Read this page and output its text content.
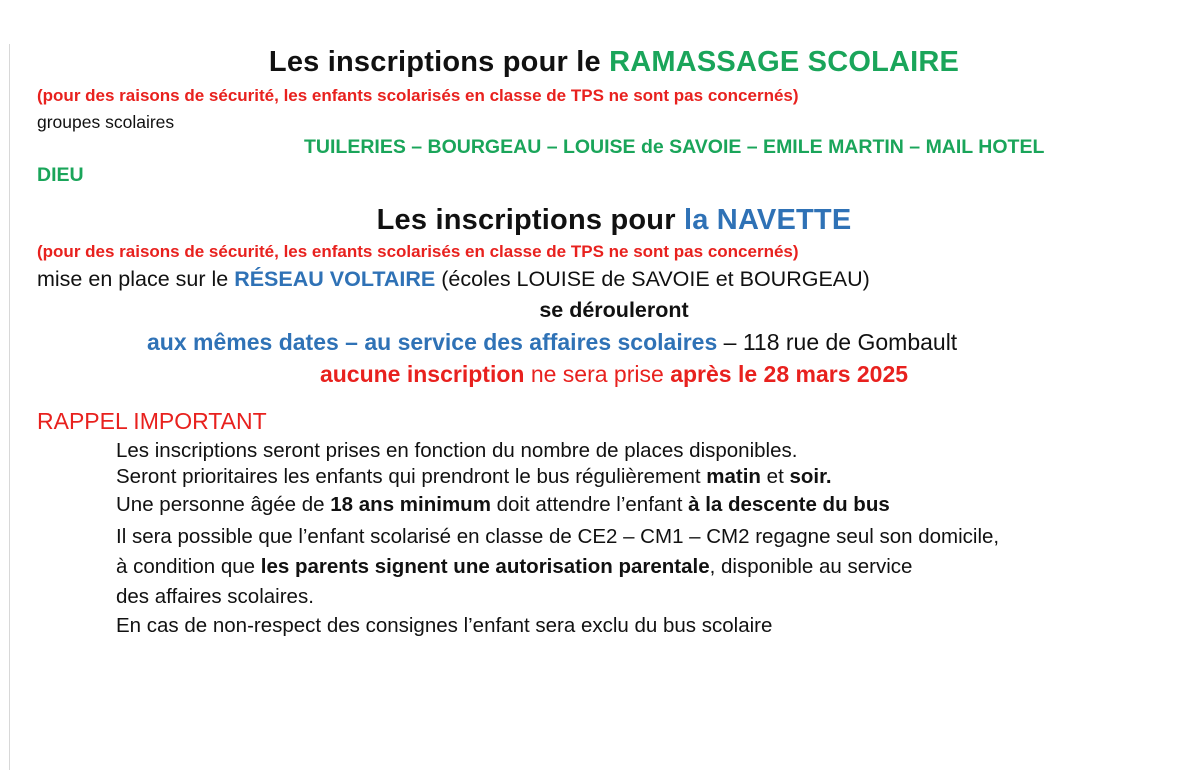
Les inscriptions pour le RAMASSAGE SCOLAIRE
(pour des raisons de sécurité, les enfants scolarisés en classe de TPS ne sont pas concernés)
groupes scolaires
TUILERIES – BOURGEAU – LOUISE de SAVOIE – EMILE MARTIN – MAIL HOTEL
DIEU
Les inscriptions pour la NAVETTE
(pour des raisons de sécurité, les enfants scolarisés en classe de TPS ne sont pas concernés)
mise en place sur le RÉSEAU VOLTAIRE (écoles LOUISE de SAVOIE et BOURGEAU)
se dérouleront
aux mêmes dates – au service des affaires scolaires – 118 rue de Gombault
aucune inscription ne sera prise après le 28 mars 2025
RAPPEL IMPORTANT
Les inscriptions seront prises en fonction du nombre de places disponibles.
Seront prioritaires les enfants qui prendront le bus régulièrement matin et soir.
Une personne âgée de 18 ans minimum doit attendre l’enfant à la descente du bus
Il sera possible que l’enfant scolarisé en classe de CE2 – CM1 – CM2 regagne seul son domicile,
à condition que les parents signent une autorisation parentale, disponible au service
des affaires scolaires.
En cas de non-respect des consignes l’enfant sera exclu du bus scolaire
